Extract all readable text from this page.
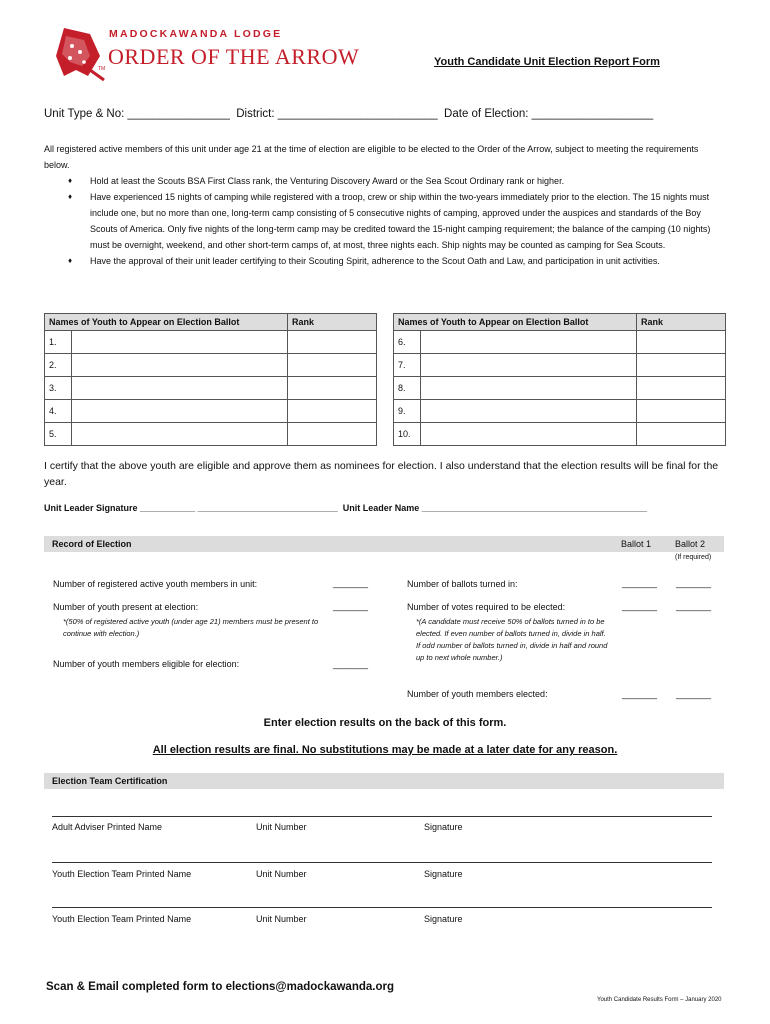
TM
MADOCKAWANDA LODGE
ORDER OF THE ARROW	Youth Candidate Unit Election Report Form
Unit Type & No: ________________  District: _________________________  Date of Election: ___________________
All registered active members of this unit under age 21 at the time of election are eligible to be elected to the Order of the Arrow, subject to meeting the requirements below.
♦ Hold at least the Scouts BSA First Class rank, the Venturing Discovery Award or the Sea Scout Ordinary rank or higher.
♦ Have experienced 15 nights of camping while registered with a troop, crew or ship within the two-years immediately prior to the election. The 15 nights must include one, but no more than one, long-term camp consisting of 5 consecutive nights of camping, approved under the auspices and standards of the Boy Scouts of America. Only five nights of the long-term camp may be credited toward the 15-night camping requirement; the balance of the camping (10 nights) must be overnight, weekend, and other short-term camps of, at most, three nights each. Ship nights may be counted as camping for Sea Scouts.
♦ Have the approval of their unit leader certifying to their Scouting Spirit, adherence to the Scout Oath and Law, and participation in unit activities.
Names of Youth to Appear on Election Ballot	Rank		Names of Youth to Appear on Election Ballot	Rank
1.			6.	
2.			7.	
3.			8.	
4.			9.	
5.			10.	
I certify that the above youth are eligible and approve them as nominees for election. I also understand that the election results will be final for the year.
Unit Leader Signature ___________ ____________________________  Unit Leader Name _____________________________________________
Record of Election	Ballot 1	Ballot 2
(If required)
Number of registered active youth members in unit:	_______
Number of youth present at election:	_______
*(50% of registered active youth (under age 21) members must be present to continue with election.)
Number of youth members eligible for election:	_______
Number of ballots turned in:	_______ _______
Number of votes required to be elected:	_______ _______
*(A candidate must receive 50% of ballots turned in to be elected. If even number of ballots turned in, divide in half. If odd number of ballots turned in, divide in half and round up to next whole number.)
Number of youth members elected:	_______ _______
Enter election results on the back of this form.
All election results are final. No substitutions may be made at a later date for any reason.
Election Team Certification
Adult Adviser Printed Name	Unit Number	Signature
Youth Election Team Printed Name	Unit Number	Signature
Youth Election Team Printed Name	Unit Number	Signature
Scan & Email completed form to elections@madockawanda.org
Youth Candidate Results Form – January 2020
